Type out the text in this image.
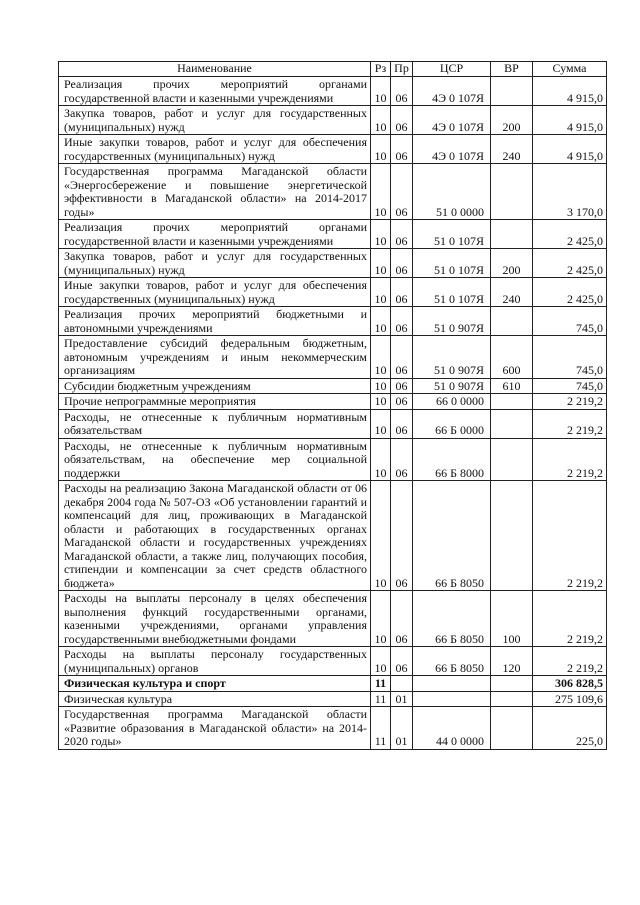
Наименование	Рз	Пр	ЦСР	ВР	Сумма
Реализация прочих мероприятий органами государственной власти и казенными учреждениями	10	06	4Э 0 107Я		4 915,0
Закупка товаров, работ и услуг для государственных (муниципальных) нужд	10	06	4Э 0 107Я	200	4 915,0
Иные закупки товаров, работ и услуг для обеспечения государственных (муниципальных) нужд	10	06	4Э 0 107Я	240	4 915,0
Государственная программа Магаданской области «Энергосбережение и повышение энергетической эффективности в Магаданской области» на 2014-2017 годы»	10	06	51 0 0000		3 170,0
Реализация прочих мероприятий органами государственной власти и казенными учреждениями	10	06	51 0 107Я		2 425,0
Закупка товаров, работ и услуг для государственных (муниципальных) нужд	10	06	51 0 107Я	200	2 425,0
Иные закупки товаров, работ и услуг для обеспечения государственных (муниципальных) нужд	10	06	51 0 107Я	240	2 425,0
Реализация прочих мероприятий бюджетными и автономными учреждениями	10	06	51 0 907Я		745,0
Предоставление субсидий федеральным бюджетным, автономным учреждениям и иным некоммерческим организациям	10	06	51 0 907Я	600	745,0
Субсидии бюджетным учреждениям	10	06	51 0 907Я	610	745,0
Прочие непрограммные мероприятия	10	06	66 0 0000		2 219,2
Расходы, не отнесенные к публичным нормативным обязательствам	10	06	66 Б 0000		2 219,2
Расходы, не отнесенные к публичным нормативным обязательствам, на обеспечение мер социальной поддержки	10	06	66 Б 8000		2 219,2
Расходы на реализацию Закона Магаданской области от 06 декабря 2004 года № 507-ОЗ «Об установлении гарантий и компенсаций для лиц, проживающих в Магаданской области и работающих в государственных органах Магаданской области и государственных учреждениях Магаданской области, а также лиц, получающих пособия, стипендии и компенсации за счет средств областного бюджета»	10	06	66 Б 8050		2 219,2
Расходы на выплаты персоналу в целях обеспечения выполнения функций государственными органами, казенными учреждениями, органами управления государственными внебюджетными фондами	10	06	66 Б 8050	100	2 219,2
Расходы на выплаты персоналу государственных (муниципальных) органов	10	06	66 Б 8050	120	2 219,2
Физическая культура и спорт	11				306 828,5
Физическая культура	11	01			275 109,6
Государственная программа Магаданской области «Развитие образования в Магаданской области» на 2014-2020 годы»	11	01	44 0 0000		225,0
